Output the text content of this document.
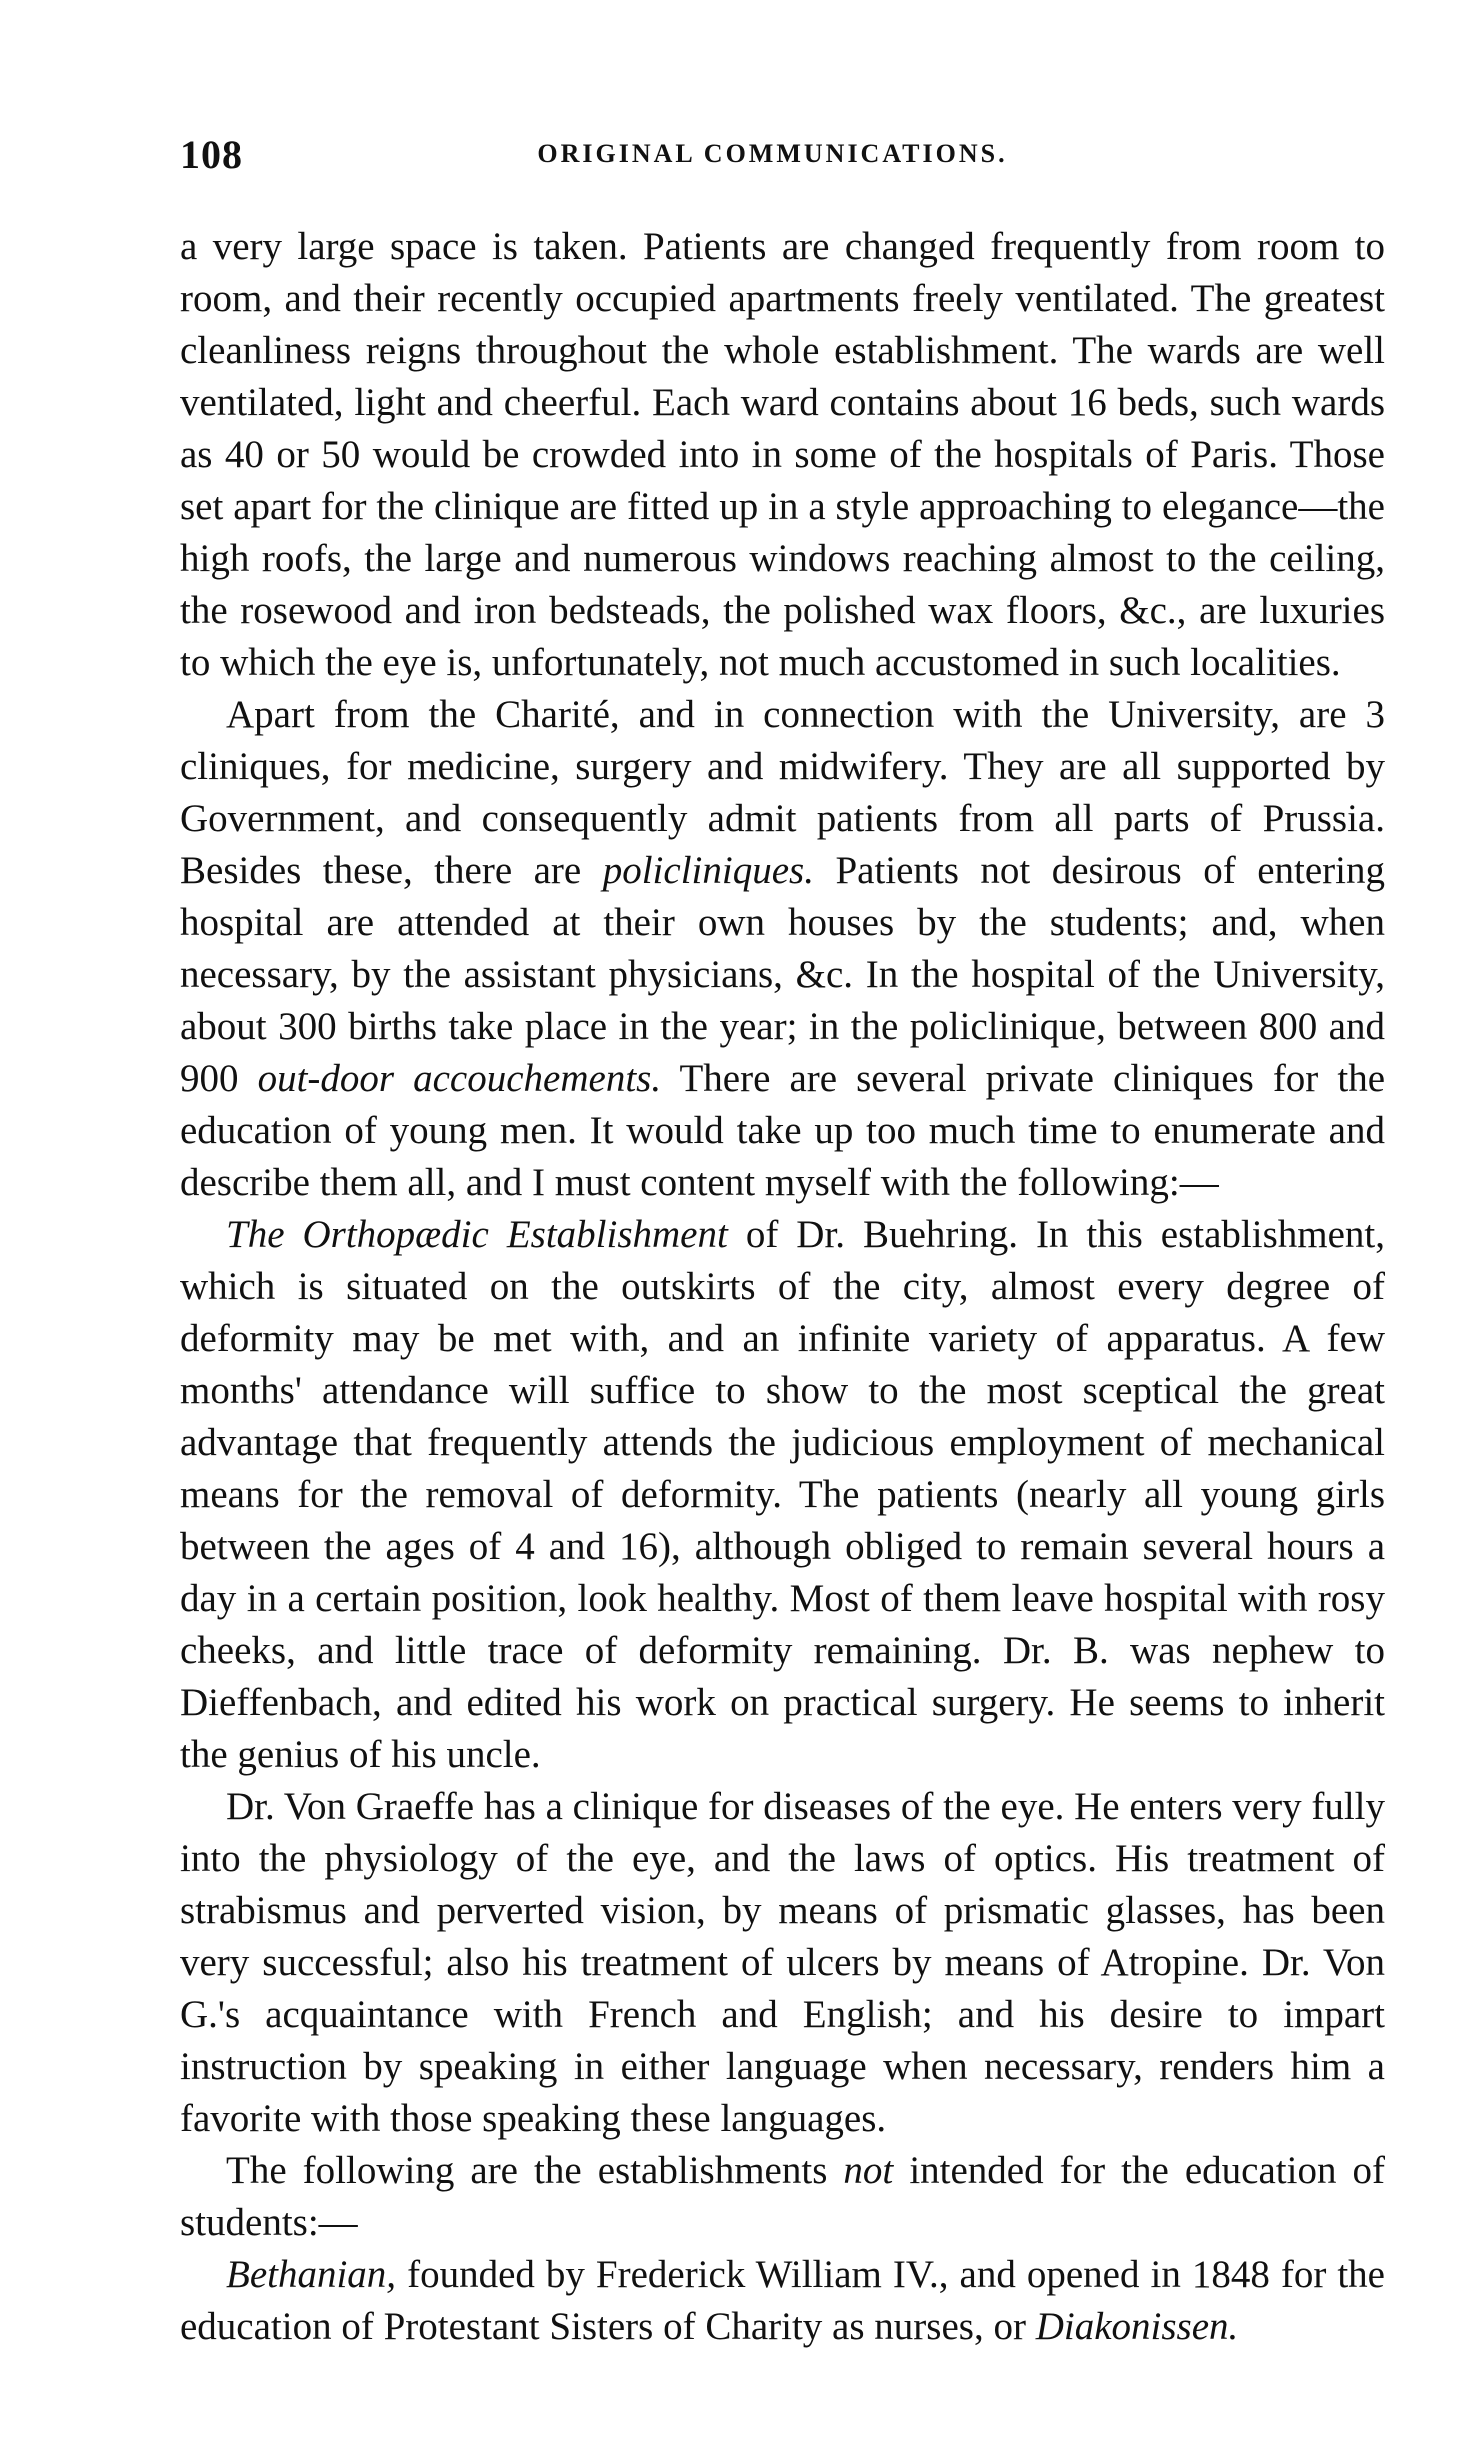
108	ORIGINAL COMMUNICATIONS.

a very large space is taken. Patients are changed frequently from room to room, and their recently occupied apartments freely ventilated. The greatest cleanliness reigns throughout the whole establishment. The wards are well ventilated, light and cheerful. Each ward contains about 16 beds, such wards as 40 or 50 would be crowded into in some of the hospitals of Paris. Those set apart for the clinique are fitted up in a style approaching to elegance—the high roofs, the large and numerous windows reaching almost to the ceiling, the rosewood and iron bedsteads, the polished wax floors, &c., are luxuries to which the eye is, unfortunately, not much accustomed in such localities.

Apart from the Charité, and in connection with the University, are 3 cliniques, for medicine, surgery and midwifery. They are all supported by Government, and consequently admit patients from all parts of Prussia. Besides these, there are policliniques. Patients not desirous of entering hospital are attended at their own houses by the students; and, when necessary, by the assistant physicians, &c. In the hospital of the University, about 300 births take place in the year; in the policlinique, between 800 and 900 out-door accouchements. There are several private cliniques for the education of young men. It would take up too much time to enumerate and describe them all, and I must content myself with the following:—

The Orthopædic Establishment of Dr. Buehring. In this establishment, which is situated on the outskirts of the city, almost every degree of deformity may be met with, and an infinite variety of apparatus. A few months' attendance will suffice to show to the most sceptical the great advantage that frequently attends the judicious employment of mechanical means for the removal of deformity. The patients (nearly all young girls between the ages of 4 and 16), although obliged to remain several hours a day in a certain position, look healthy. Most of them leave hospital with rosy cheeks, and little trace of deformity remaining. Dr. B. was nephew to Dieffenbach, and edited his work on practical surgery. He seems to inherit the genius of his uncle.

Dr. Von Graeffe has a clinique for diseases of the eye. He enters very fully into the physiology of the eye, and the laws of optics. His treatment of strabismus and perverted vision, by means of prismatic glasses, has been very successful; also his treatment of ulcers by means of Atropine. Dr. Von G.'s acquaintance with French and English; and his desire to impart instruction by speaking in either language when necessary, renders him a favorite with those speaking these languages.

The following are the establishments not intended for the education of students:—

Bethanian, founded by Frederick William IV., and opened in 1848 for the education of Protestant Sisters of Charity as nurses, or Diakonissen.
